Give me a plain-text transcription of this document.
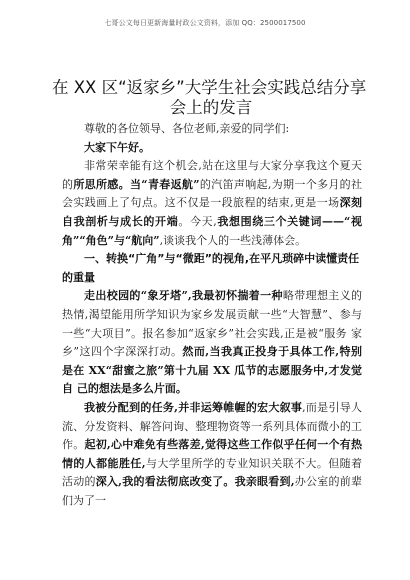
七哥公文每日更新海量时政公文资料，添加 QQ：2500017500
在 XX 区“返家乡”大学生社会实践总结分享
会上的发言

尊敬的各位领导、各位老师,亲爱的同学们:

大家下午好。

非常荣幸能有这个机会,站在这里与大家分享我这个夏天的所思所感。当“青春返航”的汽笛声响起,为期一个多月的社会实践画上了句点。这不仅是一段旅程的结束,更是一场深刻自我剖析与成长的开端。今天,我想围绕三个关键词——“视角”“角色”与“航向”,谈谈我个人的一些浅薄体会。

一、转换“广角”与“微距”的视角,在平凡琐碎中读懂责任的重量

走出校园的“象牙塔”,我最初怀揣着一种略带理想主义的热情,渴望能用所学知识为家乡发展贡献一些“大智慧”、参与一些“大项目”。报名参加“返家乡”社会实践,正是被“服务 家乡”这四个字深深打动。然而,当我真正投身于具体工作,特别 是在 XX“甜蜜之旅”第十九届 XX 瓜节的志愿服务中,才发觉自 己的想法是多么片面。

我被分配到的任务,并非运筹帷幄的宏大叙事,而是引导人流、分发资料、解答问询、整理物资等一系列具体而微小的工作。起初,心中难免有些落差,觉得这些工作似乎任何一个有热情的人都能胜任,与大学里所学的专业知识关联不大。但随着活动的深入,我的看法彻底改变了。我亲眼看到,办公室的前辈们为了一
